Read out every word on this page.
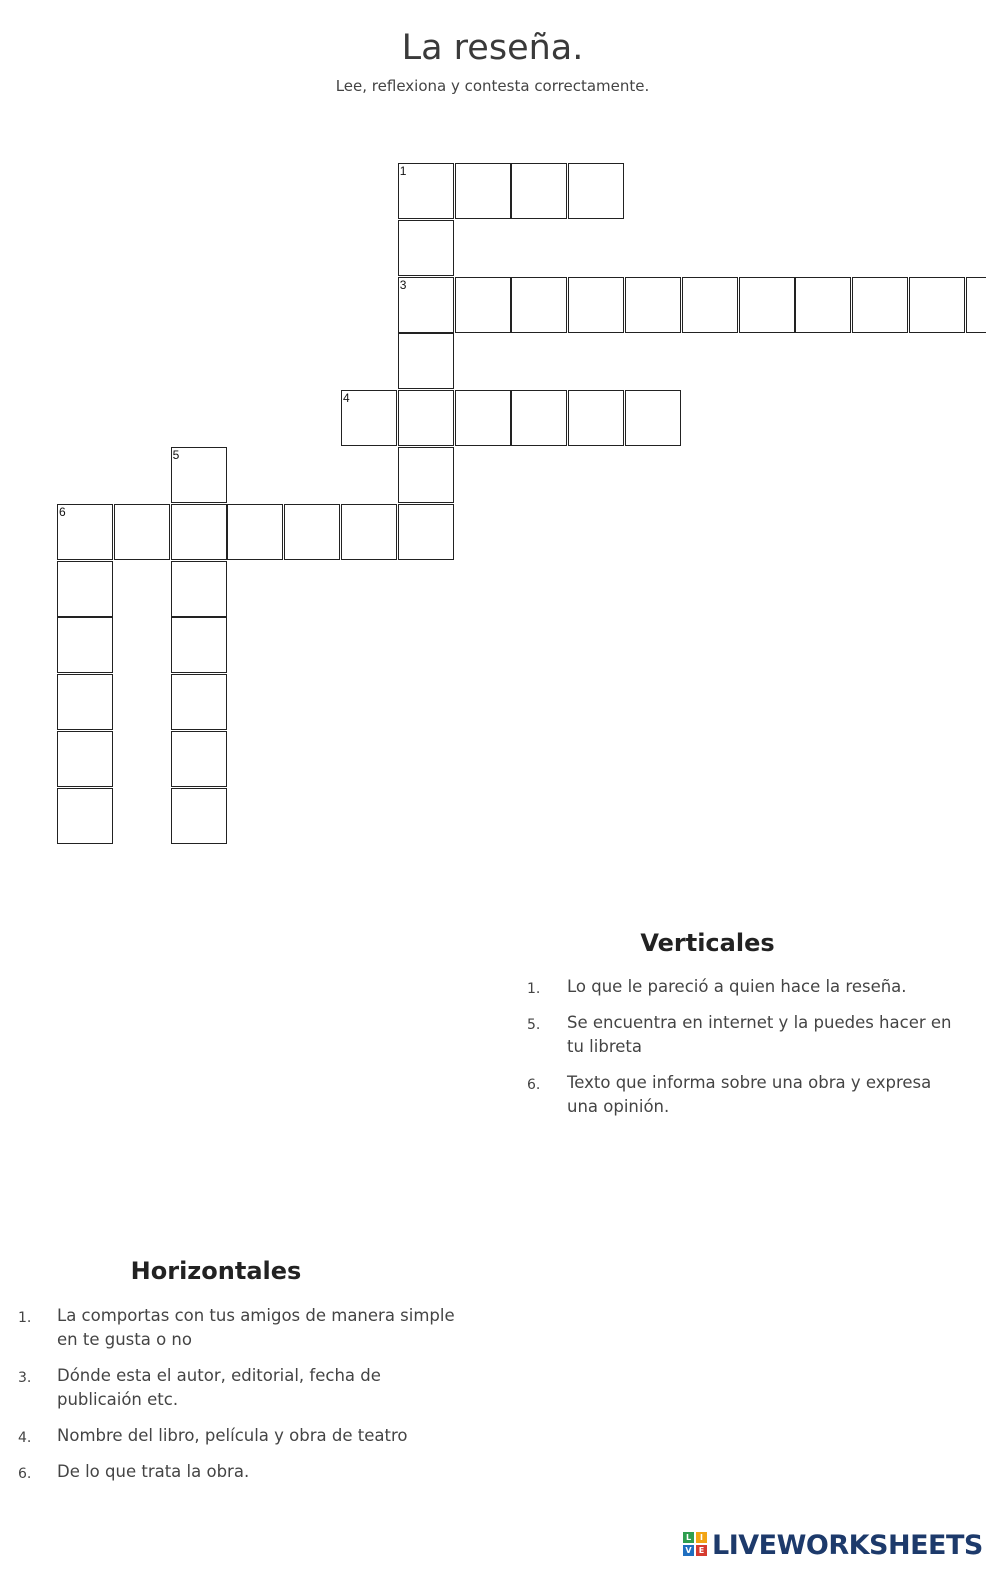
La reseña.
Lee, reflexiona y contesta correctamente.
1
3
4
5
6
Verticales
1. Lo que le pareció a quien hace la reseña.
5. Se encuentra en internet y la puedes hacer en tu libreta
6. Texto que informa sobre una obra y expresa una opinión.
Horizontales
1. La comportas con tus amigos de manera simple en te gusta o no
3. Dónde esta el autor, editorial, fecha de publicaión etc.
4. Nombre del libro, película y obra de teatro
6. De lo que trata la obra.
L	I
V E LIVEWORKSHEETS
